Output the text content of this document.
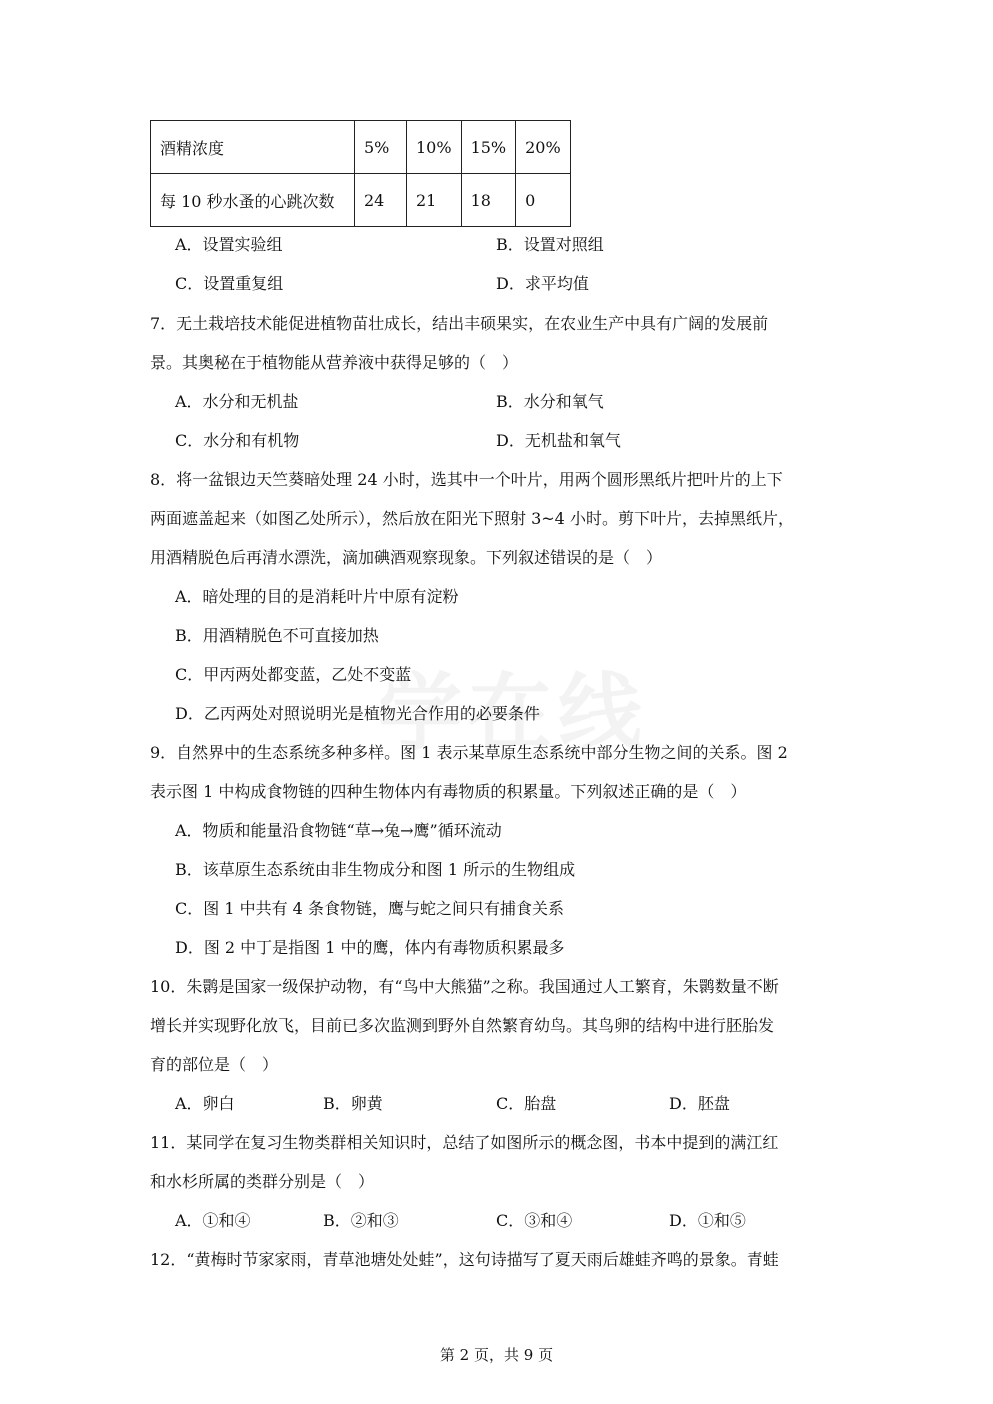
酒精浓度	5%	10%	15%	20%
每 10 秒水蚤的心跳次数	24	21	18	0
A．设置实验组	B．设置对照组
C．设置重复组	D．求平均值
7．无土栽培技术能促进植物苗壮成长，结出丰硕果实，在农业生产中具有广阔的发展前
景。其奥秘在于植物能从营养液中获得足够的（　）
A．水分和无机盐	B．水分和氧气
C．水分和有机物	D．无机盐和氧气
8．将一盆银边天竺葵暗处理 24 小时，选其中一个叶片，用两个圆形黑纸片把叶片的上下
两面遮盖起来（如图乙处所示），然后放在阳光下照射 3~4 小时。剪下叶片，去掉黑纸片，
用酒精脱色后再清水漂洗，滴加碘酒观察现象。下列叙述错误的是（　）
A．暗处理的目的是消耗叶片中原有淀粉
B．用酒精脱色不可直接加热
C．甲丙两处都变蓝，乙处不变蓝
D．乙丙两处对照说明光是植物光合作用的必要条件
9．自然界中的生态系统多种多样。图 1 表示某草原生态系统中部分生物之间的关系。图 2
表示图 1 中构成食物链的四种生物体内有毒物质的积累量。下列叙述正确的是（　）
A．物质和能量沿食物链“草→兔→鹰”循环流动
B．该草原生态系统由非生物成分和图 1 所示的生物组成
C．图 1 中共有 4 条食物链，鹰与蛇之间只有捕食关系
D．图 2 中丁是指图 1 中的鹰，体内有毒物质积累最多
10．朱鹮是国家一级保护动物，有“鸟中大熊猫”之称。我国通过人工繁育，朱鹮数量不断
增长并实现野化放飞，目前已多次监测到野外自然繁育幼鸟。其鸟卵的结构中进行胚胎发
育的部位是（　）
A．卵白	B．卵黄	C．胎盘	D．胚盘
11．某同学在复习生物类群相关知识时，总结了如图所示的概念图，书本中提到的满江红
和水杉所属的类群分别是（　）
A．①和④	B．②和③	C．③和④	D．①和⑤
12．“黄梅时节家家雨，青草池塘处处蛙”，这句诗描写了夏天雨后雄蛙齐鸣的景象。青蛙
第 2 页，共 9 页
